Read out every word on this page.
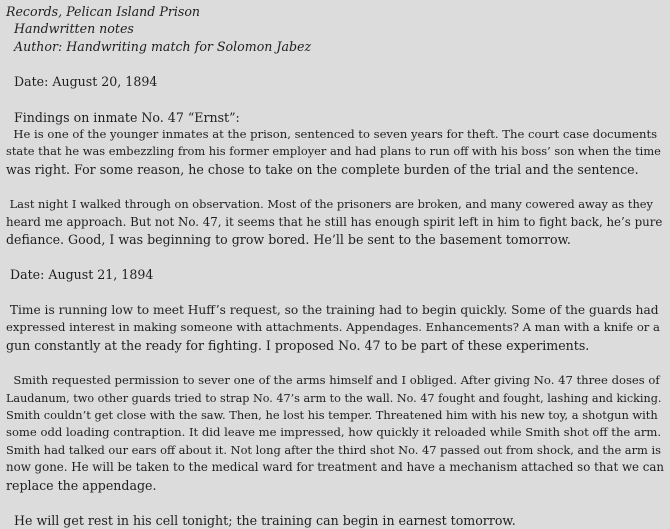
Records, Pelican Island Prison
Handwritten notes
Author: Handwriting match for Solomon Jabez
Date: August 20, 1894
Findings on inmate No. 47 “Ernst”:
He is one of the younger inmates at the prison, sentenced to seven years for theft. The court case documents
state that he was embezzling from his former employer and had plans to run off with his boss’ son when the time
was right. For some reason, he chose to take on the complete burden of the trial and the sentence.
Last night I walked through on observation. Most of the prisoners are broken, and many cowered away as they
heard me approach. But not No. 47, it seems that he still has enough spirit left in him to fight back, he’s pure
defiance. Good, I was beginning to grow bored. He’ll be sent to the basement tomorrow.
Date: August 21, 1894
Time is running low to meet Huff’s request, so the training had to begin quickly. Some of the guards had
expressed interest in making someone with attachments. Appendages. Enhancements? A man with a knife or a
gun constantly at the ready for fighting. I proposed No. 47 to be part of these experiments.
Smith requested permission to sever one of the arms himself and I obliged. After giving No. 47 three doses of
Laudanum, two other guards tried to strap No. 47’s arm to the wall. No. 47 fought and fought, lashing and kicking.
Smith couldn’t get close with the saw. Then, he lost his temper. Threatened him with his new toy, a shotgun with
some odd loading contraption. It did leave me impressed, how quickly it reloaded while Smith shot off the arm.
Smith had talked our ears off about it. Not long after the third shot No. 47 passed out from shock, and the arm is
now gone. He will be taken to the medical ward for treatment and have a mechanism attached so that we can
replace the appendage.
He will get rest in his cell tonight; the training can begin in earnest tomorrow.
